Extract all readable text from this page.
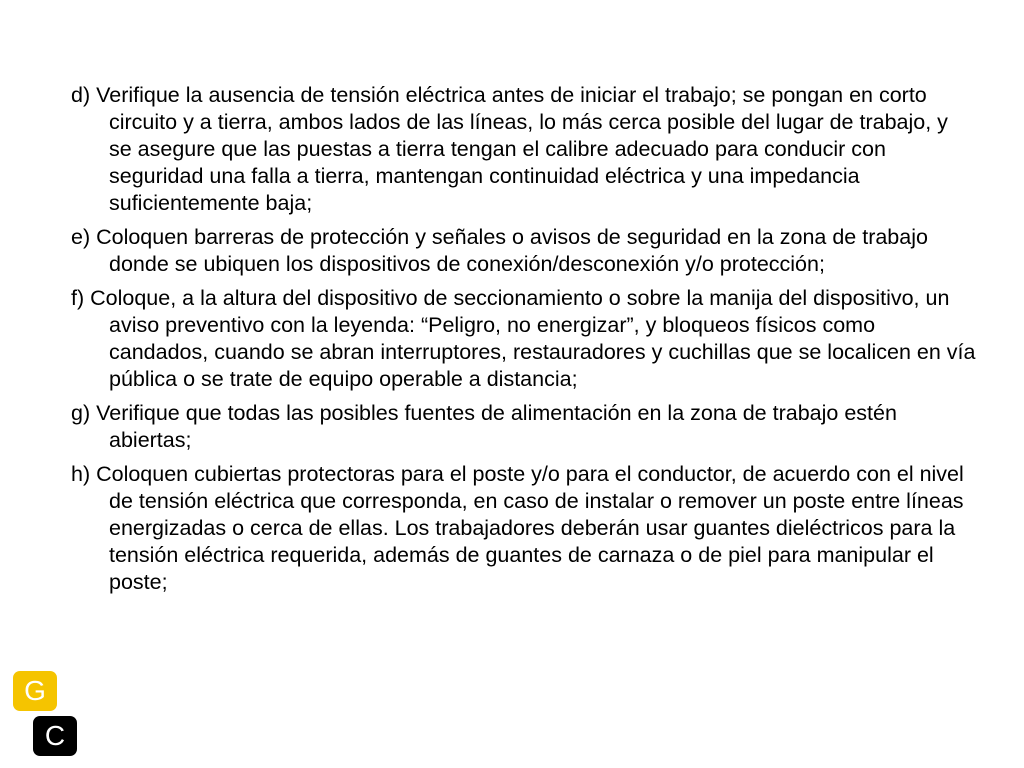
d) Verifique la ausencia de tensión eléctrica antes de iniciar el trabajo; se pongan en corto circuito y a tierra, ambos lados de las líneas, lo más cerca posible del lugar de trabajo, y se asegure que las puestas a tierra tengan el calibre adecuado para conducir con seguridad una falla a tierra, mantengan continuidad eléctrica y una impedancia suficientemente baja;

e) Coloquen barreras de protección y señales o avisos de seguridad en la zona de trabajo donde se ubiquen los dispositivos de conexión/desconexión y/o protección;

f) Coloque, a la altura del dispositivo de seccionamiento o sobre la manija del dispositivo, un aviso preventivo con la leyenda: “Peligro, no energizar”, y bloqueos físicos como candados, cuando se abran interruptores, restauradores y cuchillas que se localicen en vía pública o se trate de equipo operable a distancia;

g) Verifique que todas las posibles fuentes de alimentación en la zona de trabajo estén abiertas;

h) Coloquen cubiertas protectoras para el poste y/o para el conductor, de acuerdo con el nivel de tensión eléctrica que corresponda, en caso de instalar o remover un poste entre líneas energizadas o cerca de ellas. Los trabajadores deberán usar guantes dieléctricos para la tensión eléctrica requerida, además de guantes de carnaza o de piel para manipular el poste;

G
C
